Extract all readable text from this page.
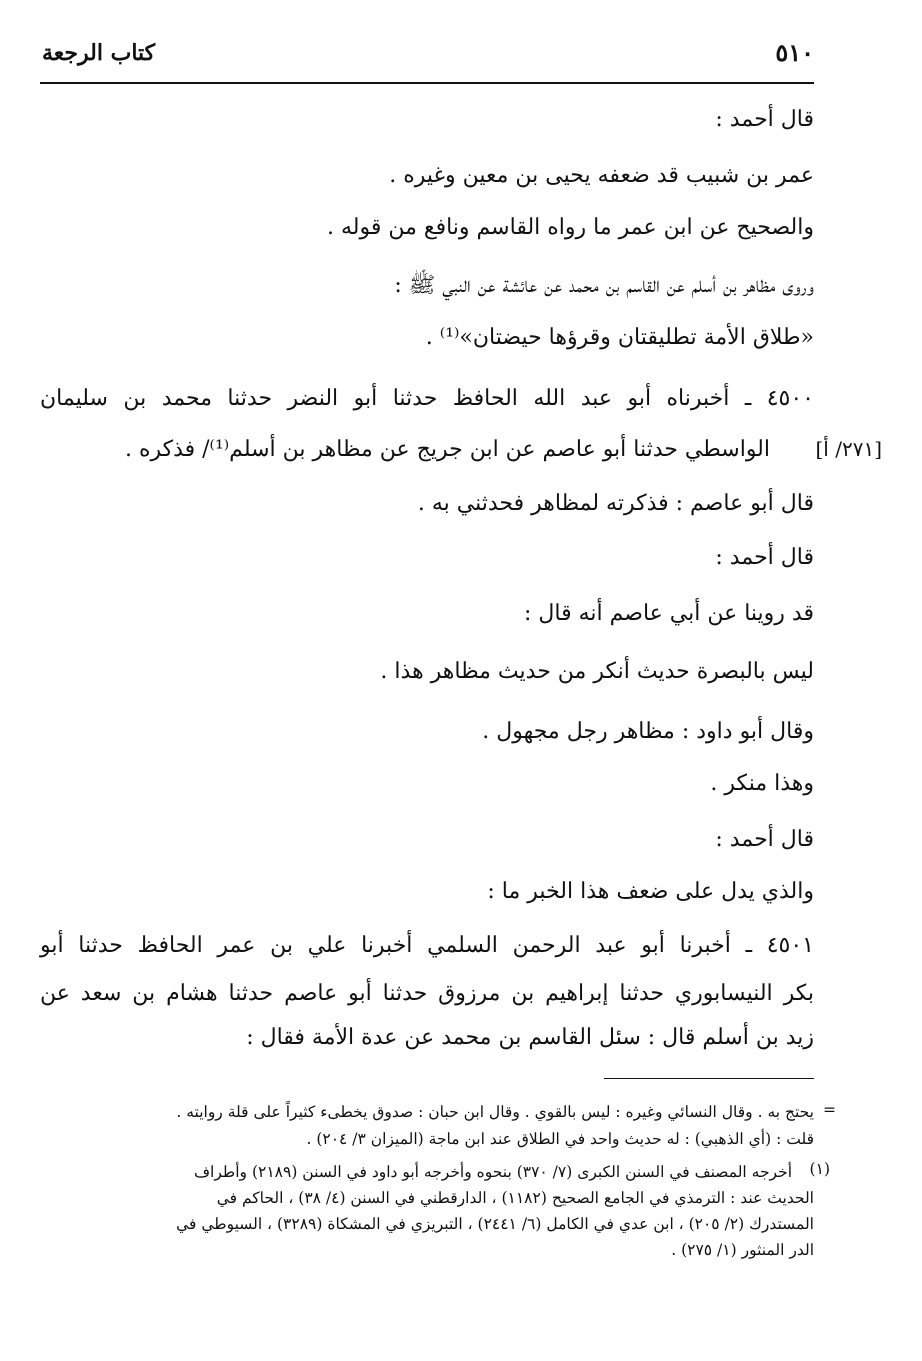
كتاب الرجعة	٥١٠
قال أحمد :
عمر بن شبيب قد ضعفه يحيى بن معين وغيره .
والصحيح عن ابن عمر ما رواه القاسم ونافع من قوله .
وروى مظاهر بن أسلم عن القاسم بن محمد عن عائشة عن النبي ﷺ :
«طلاق الأمة تطليقتان وقرؤها حيضتان»⁽¹⁾ .
٤٥٠٠ ـ أخبرناه أبو عبد الله الحافظ حدثنا أبو النضر حدثنا محمد بن سليمان
الواسطي حدثنا أبو عاصم عن ابن جريج عن مظاهر بن أسلم⁽¹⁾/ فذكره . [٢٧١/ أ]
قال أبو عاصم : فذكرته لمظاهر فحدثني به .
قال أحمد :
قد روينا عن أبي عاصم أنه قال :
ليس بالبصرة حديث أنكر من حديث مظاهر هذا .
وقال أبو داود : مظاهر رجل مجهول .
وهذا منكر .
قال أحمد :
والذي يدل على ضعف هذا الخبر ما :
٤٥٠١ ـ أخبرنا أبو عبد الرحمن السلمي أخبرنا علي بن عمر الحافظ حدثنا أبو
بكر النيسابوري حدثنا إبراهيم بن مرزوق حدثنا أبو عاصم حدثنا هشام بن سعد عن
زيد بن أسلم قال : سئل القاسم بن محمد عن عدة الأمة فقال :
=
يحتج به . وقال النسائي وغيره : ليس بالقوي . وقال ابن حبان : صدوق يخطىء كثيراً على قلة روايته .
قلت : (أي الذهبي) : له حديث واحد في الطلاق عند ابن ماجة (الميزان ٣/ ٢٠٤) .
(١)
أخرجه المصنف في السنن الكبرى (٧/ ٣٧٠) بنحوه وأخرجه أبو داود في السنن (٢١٨٩) وأطراف
الحديث عند : الترمذي في الجامع الصحيح (١١٨٢) ، الدارقطني في السنن (٤/ ٣٨) ، الحاكم في
المستدرك (٢/ ٢٠٥) ، ابن عدي في الكامل (٦/ ٢٤٤١) ، التبريزي في المشكاة (٣٢٨٩) ، السيوطي في
الدر المنثور (١/ ٢٧٥) .
